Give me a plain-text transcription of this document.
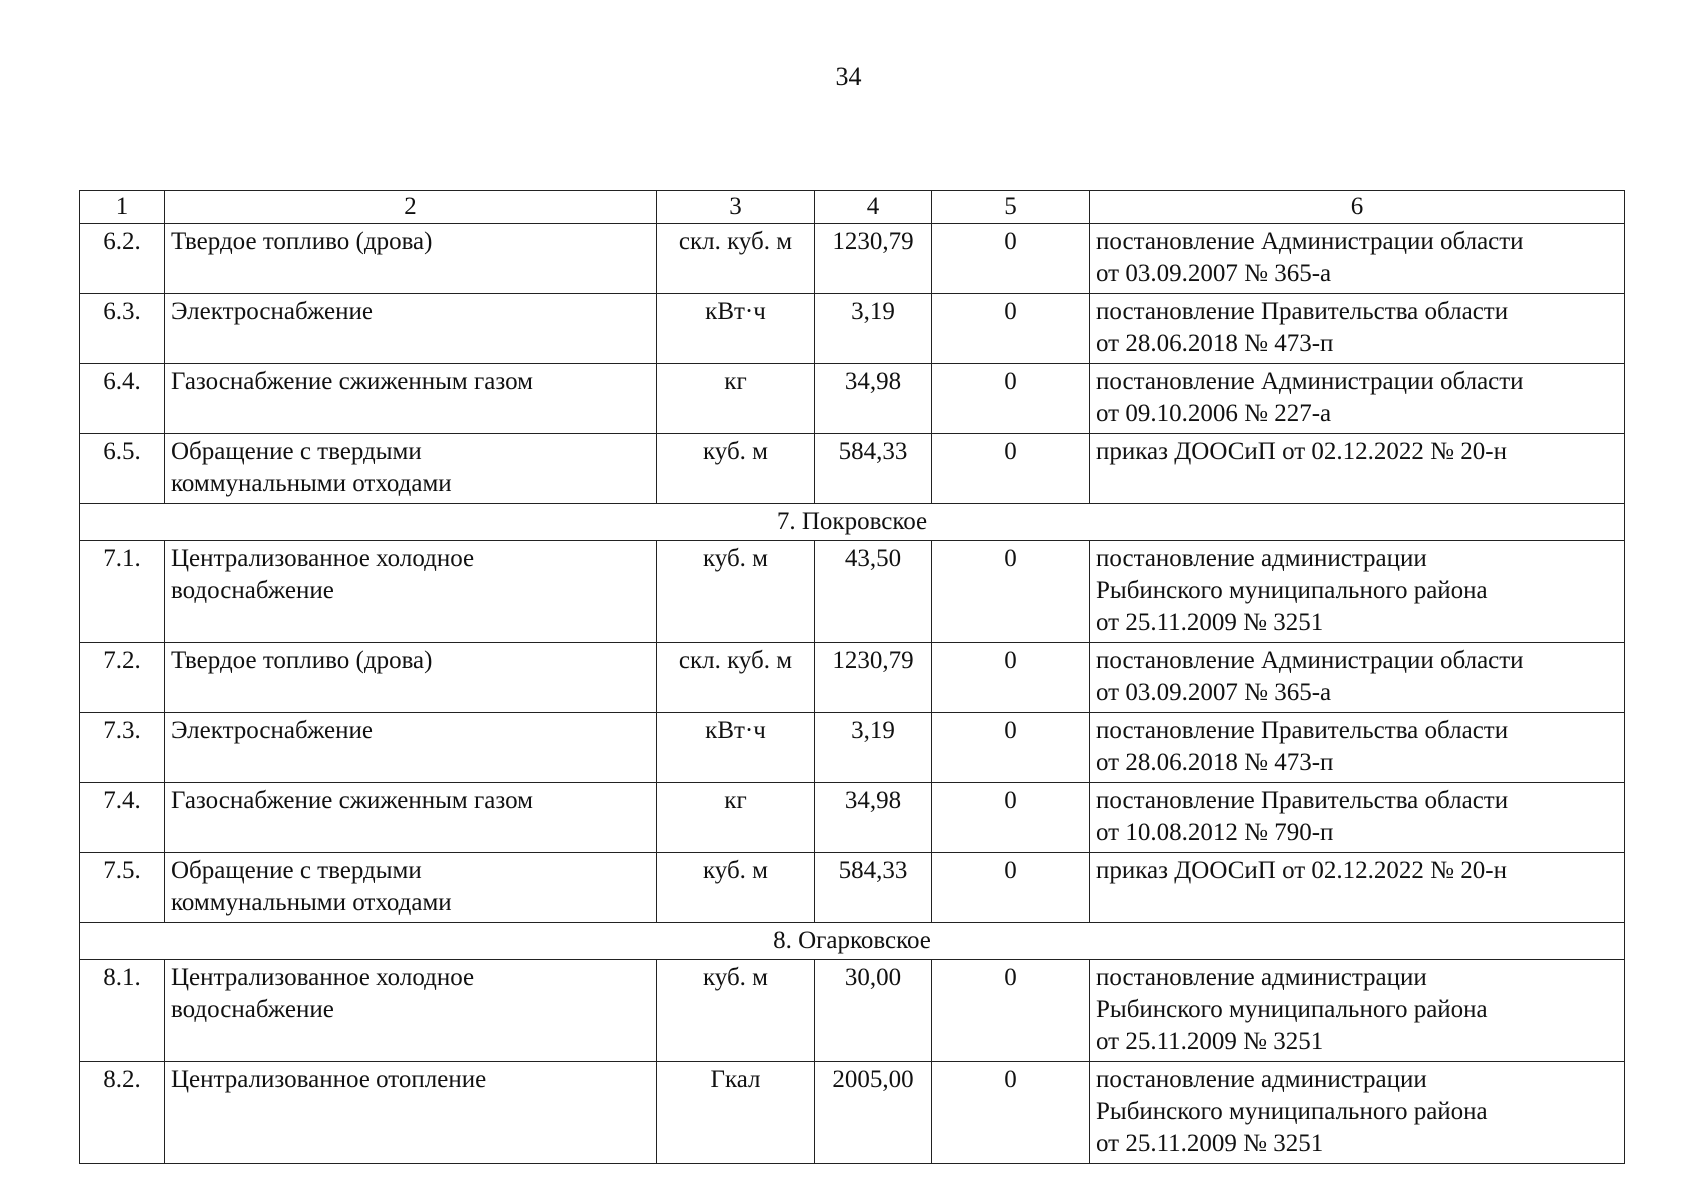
34
1	2	3	4	5	6
6.2.	Твердое топливо (дрова)	скл. куб. м	1230,79	0	постановление Администрации области
от 03.09.2007 № 365-а

6.3.	Электроснабжение	кВт·ч	3,19	0	постановление Правительства области
от 28.06.2018 № 473-п

6.4.	Газоснабжение сжиженным газом	кг	34,98	0	постановление Администрации области
от 09.10.2006 № 227-а

6.5.	Обращение с твердыми
коммунальными отходами	куб. м	584,33	0	приказ ДООСиП от 02.12.2022 № 20-н

7. Покровское					
7.1.	Централизованное холодное
водоснабжение	куб. м	43,50	0	постановление администрации
Рыбинского муниципального района
от 25.11.2009 № 3251

7.2.	Твердое топливо (дрова)	скл. куб. м	1230,79	0	постановление Администрации области
от 03.09.2007 № 365-а

7.3.	Электроснабжение	кВт·ч	3,19	0	постановление Правительства области
от 28.06.2018 № 473-п

7.4.	Газоснабжение сжиженным газом	кг	34,98	0	постановление Правительства области
от 10.08.2012 № 790-п

7.5.	Обращение с твердыми
коммунальными отходами	куб. м	584,33	0	приказ ДООСиП от 02.12.2022 № 20-н

8. Огарковское					
8.1.	Централизованное холодное
водоснабжение	куб. м	30,00	0	постановление администрации
Рыбинского муниципального района
от 25.11.2009 № 3251

8.2.	Централизованное отопление	Гкал	2005,00	0	постановление администрации
Рыбинского муниципального района
от 25.11.2009 № 3251
